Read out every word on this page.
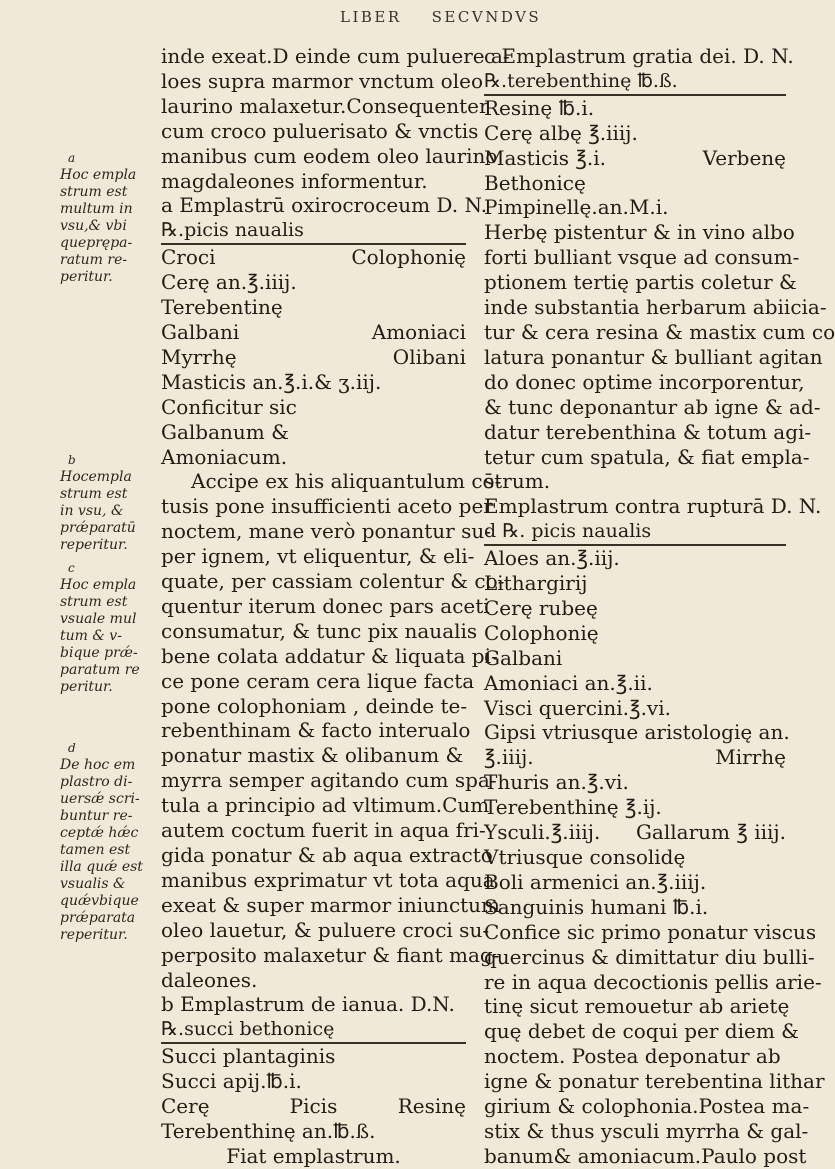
LIBER SECVNDVS
a
Hoc empla
strum est
multum in
vsu,& vbi
queprępa-
ratum re-
peritur.
b
Hocempla
strum est
in vsu, &
prǽparatū
reperitur.
c
Hoc empla
strum est
vsuale mul
tum & v-
bique prǽ-
paratum re
peritur.
d
De hoc em
plastro di-
uersǽ scri-
buntur re-
ceptǽ hǽc
tamen est
illa quǽ est
vsualis &
quǽvbique
prǽparata
reperitur.
inde exeat.D einde cum puluere a-
loes supra marmor vnctum oleo
laurino malaxetur.Consequenter
cum croco puluerisato & vnctis
manibus cum eodem oleo laurino
magdaleones informentur.
a Emplastrū oxirocroceum D. N.
℞.picis naualis
Croci	Colophonię
Cerę an.℥.iiij.
Terebentinę
Galbani	Amoniaci
Myrrhę	Olibani
Masticis an.℥.i.& ʒ.iij.
Conficitur sic
Galbanum &
Amoniacum.
Accipe ex his aliquantulum cō-
tusis pone insufficienti aceto per
noctem, mane verò ponantur su-
per ignem, vt eliquentur, & eli-
quate, per cassiam colentur & co-
quentur iterum donec pars aceti
consumatur, & tunc pix naualis
bene colata addatur & liquata pi-
ce pone ceram cera lique facta
pone colophoniam , deinde te-
rebenthinam & facto interualo
ponatur mastix & olibanum &
myrra semper agitando cum spa-
tula a principio ad vltimum.Cum
autem coctum fuerit in aqua fri-
gida ponatur & ab aqua extracto
manibus exprimatur vt tota aqua
exeat & super marmor iniunctum
oleo lauetur, & puluere croci su-
perposito malaxetur & fiant mag-
daleones.
b Emplastrum de ianua. D.N.
℞.succi bethonicę
Succi plantaginis
Succi apij.℔.i.
Cerę	Picis	Resinę
Terebenthinę an.℔.ß.
Fiat emplastrum.
c Emplastrum gratia dei. D. N.
℞.terebenthinę ℔.ß.
Resinę ℔.i.
Cerę albę ℥.iiij.
Masticis ℥.i.	Verbenę
Bethonicę
Pimpinellę.an.M.i.
Herbę pistentur & in vino albo
forti bulliant vsque ad consum-
ptionem tertię partis coletur &
inde substantia herbarum abiicia-
tur & cera resina & mastix cum co
latura ponantur & bulliant agitan
do donec optime incorporentur,
& tunc deponantur ab igne & ad-
datur terebenthina & totum agi-
tetur cum spatula, & fiat empla-
strum.
Emplastrum contra rupturā D. N.
d ℞. picis naualis
Aloes an.℥.iij.
Lithargirij
Cerę rubeę
Colophonię
Galbani
Amoniaci an.℥.ii.
Visci quercini.℥.vi.
Gipsi vtriusque aristologię an.
℥.iiij.	Mirrhę
Thuris an.℥.vi.
Terebenthinę ℥.ij.
Ysculi.℥.iiij. Gallarum ℥ iiij.
Vtriusque consolidę
Boli armenici an.℥.iiij.
Sanguinis humani ℔.i.
Confice sic primo ponatur viscus
quercinus & dimittatur diu bulli-
re in aqua decoctionis pellis arie-
tinę sicut remouetur ab arietę
quę debet de coqui per diem &
noctem. Postea deponatur ab
igne & ponatur terebentina lithar
girium & colophonia.Postea ma-
stix & thus ysculi myrrha & gal-
banum& amoniacum.Paulo post
